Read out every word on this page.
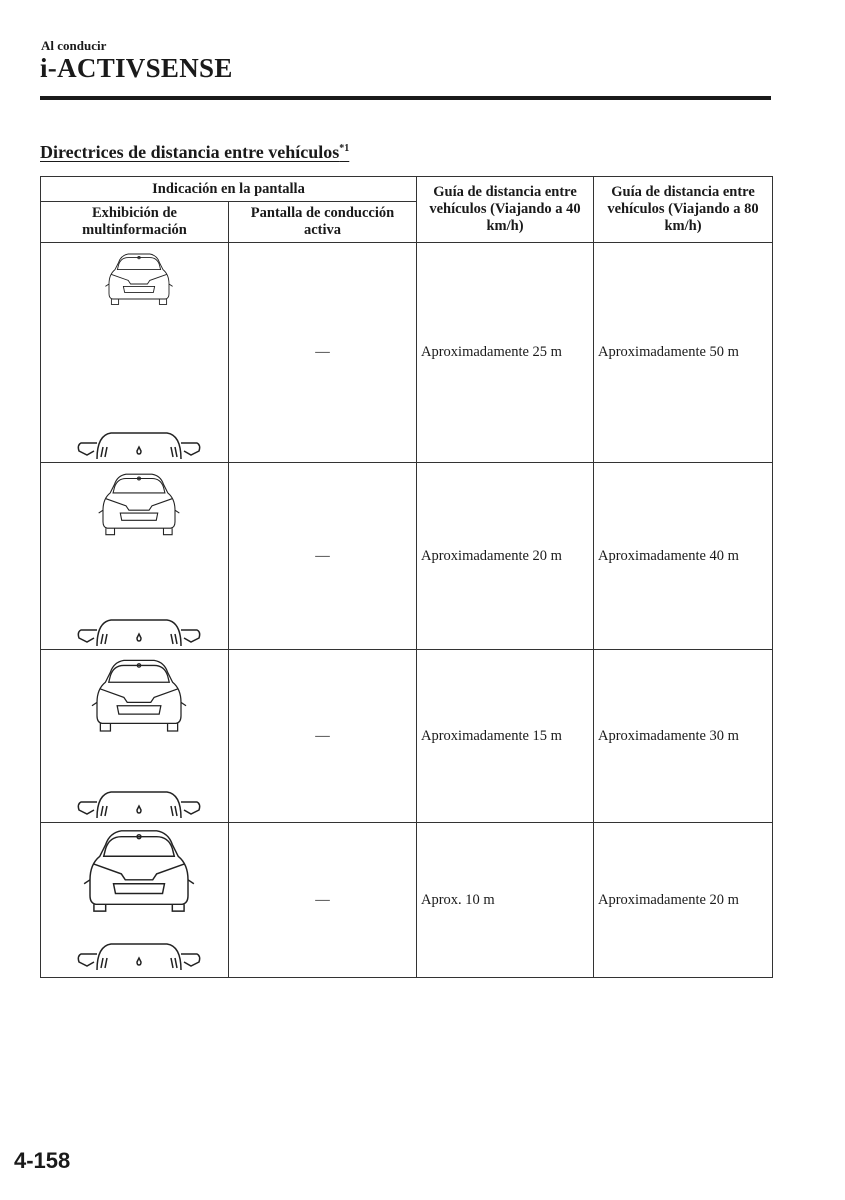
Al conducir
i-ACTIVSENSE
Directrices de distancia entre vehículos$^{*1}$
Indicación en la pantalla		Guía de distancia entre vehículos (Viajando a 40 km/h)	Guía de distancia entre vehículos (Viajando a 80 km/h)
Exhibición de multinformación	Pantalla de conducción activa		

	—	Aproximadamente 25 m	Aproximadamente 50 m

	—	Aproximadamente 20 m	Aproximadamente 40 m

	—	Aproximadamente 15 m	Aproximadamente 30 m

	—	Aprox. 10 m	Aproximadamente 20 m
4-158
